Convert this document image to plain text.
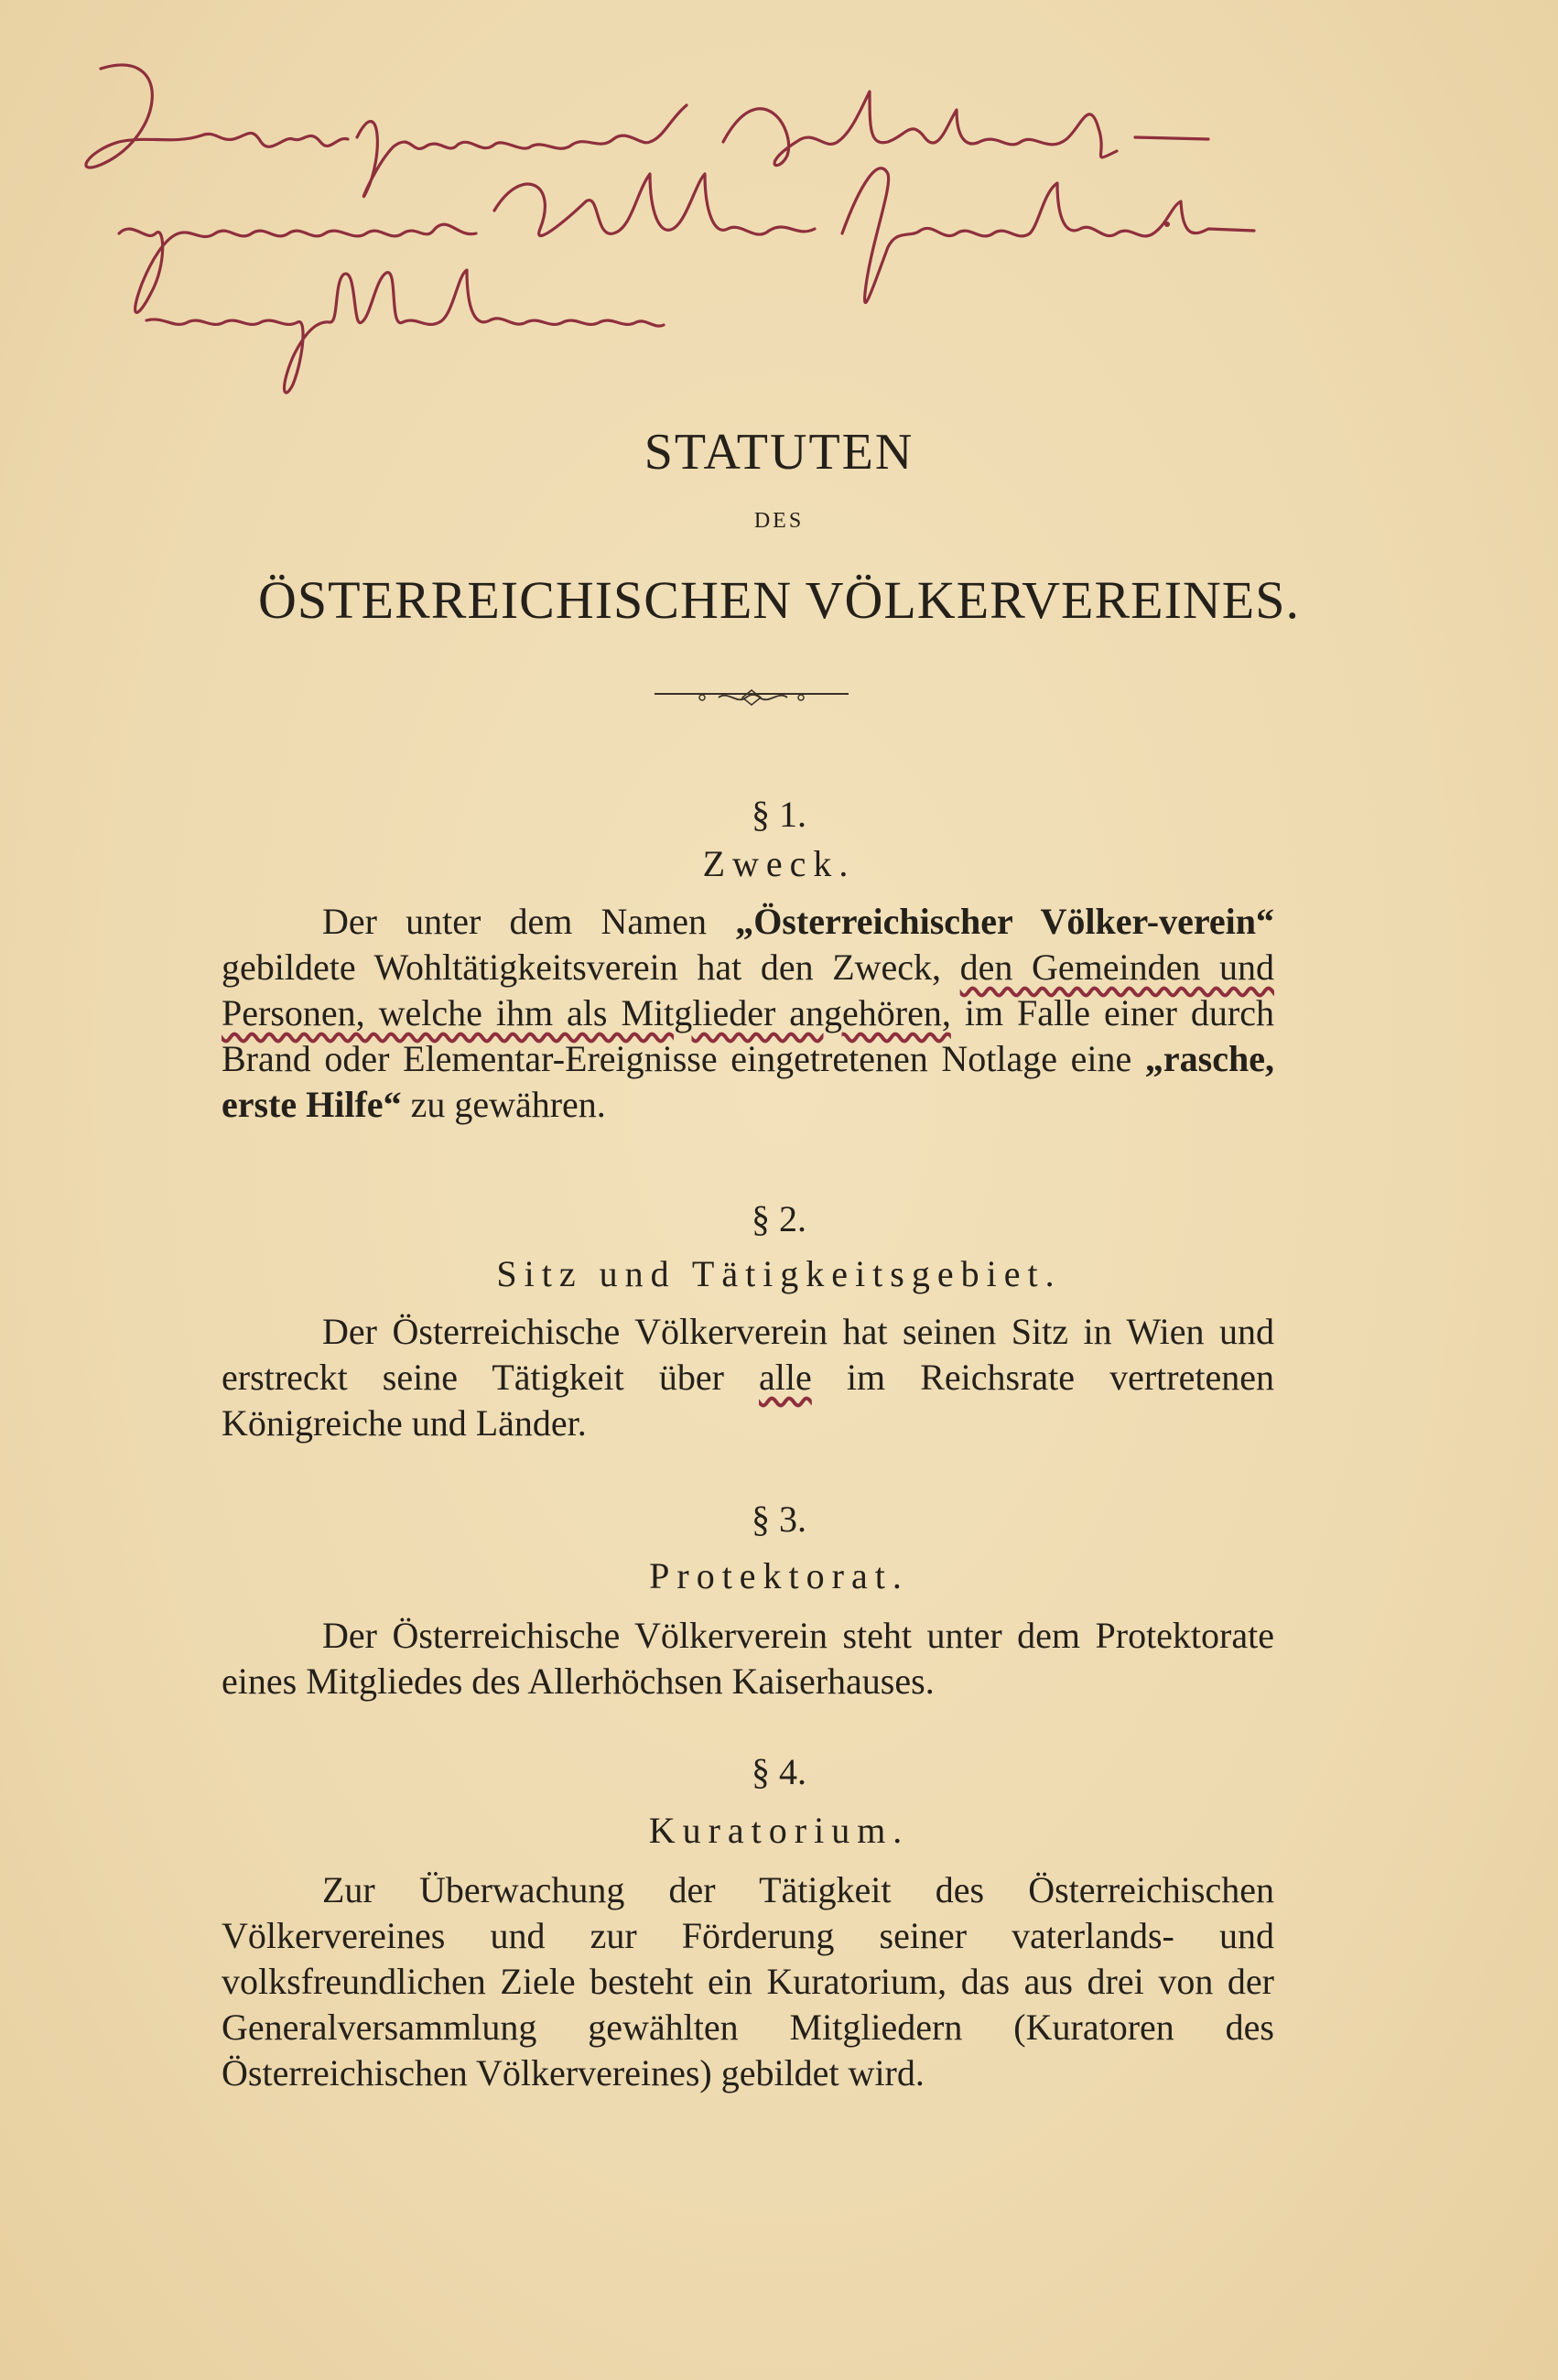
STATUTEN
DES
ÖSTERREICHISCHEN VÖLKERVEREINES.
§ 1.
Zweck.
Der unter dem Namen „Österreichischer Völker-verein“ gebildete Wohltätigkeitsverein hat den Zweck, den Gemeinden und Personen, welche ihm als Mitglieder angehören, im Falle einer durch Brand oder Elementar-Ereignisse eingetretenen Notlage eine „rasche, erste Hilfe“ zu gewähren.
§ 2.
Sitz und Tätigkeitsgebiet.
Der Österreichische Völkerverein hat seinen Sitz in Wien und erstreckt seine Tätigkeit über alle im Reichsrate vertretenen Königreiche und Länder.
§ 3.
Protektorat.
Der Österreichische Völkerverein steht unter dem Protektorate eines Mitgliedes des Allerhöchsen Kaiserhauses.
§ 4.
Kuratorium.
Zur Überwachung der Tätigkeit des Österreichischen Völkervereines und zur Förderung seiner vaterlands- und volksfreundlichen Ziele besteht ein Kuratorium, das aus drei von der Generalversammlung gewählten Mitgliedern (Kuratoren des Österreichischen Völkervereines) gebildet wird.
